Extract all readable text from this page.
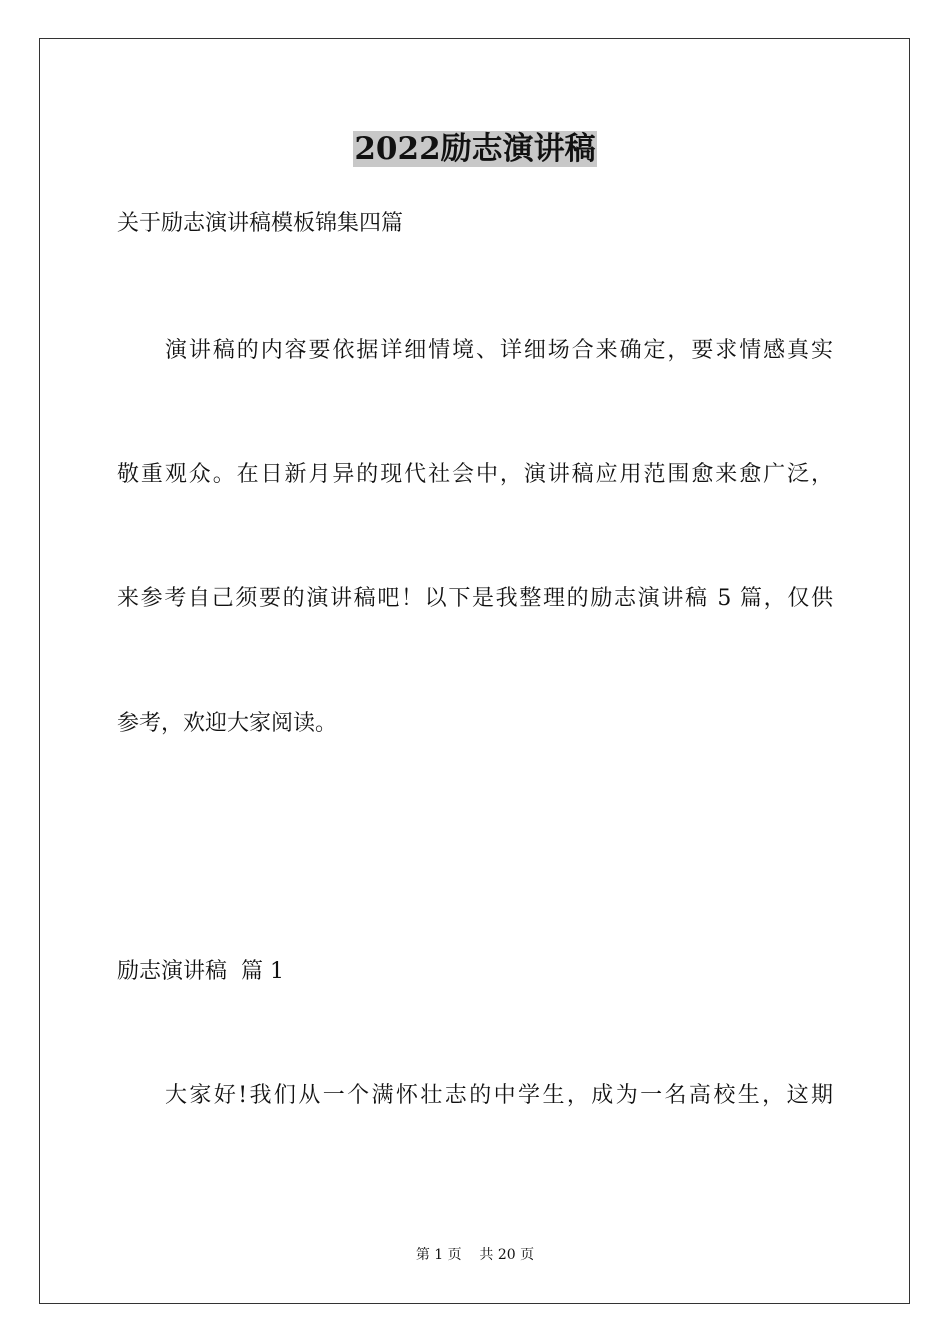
2022励志演讲稿

关于励志演讲稿模板锦集四篇

演讲稿的内容要依据详细情境、详细场合来确定，要求情感真实

敬重观众。在日新月异的现代社会中，演讲稿应用范围愈来愈广泛，

来参考自己须要的演讲稿吧！以下是我整理的励志演讲稿 5 篇，仅供

参考，欢迎大家阅读。

励志演讲稿  篇 1

大家好!我们从一个满怀壮志的中学生，成为一名高校生，这期

第 1 页    共 20 页
